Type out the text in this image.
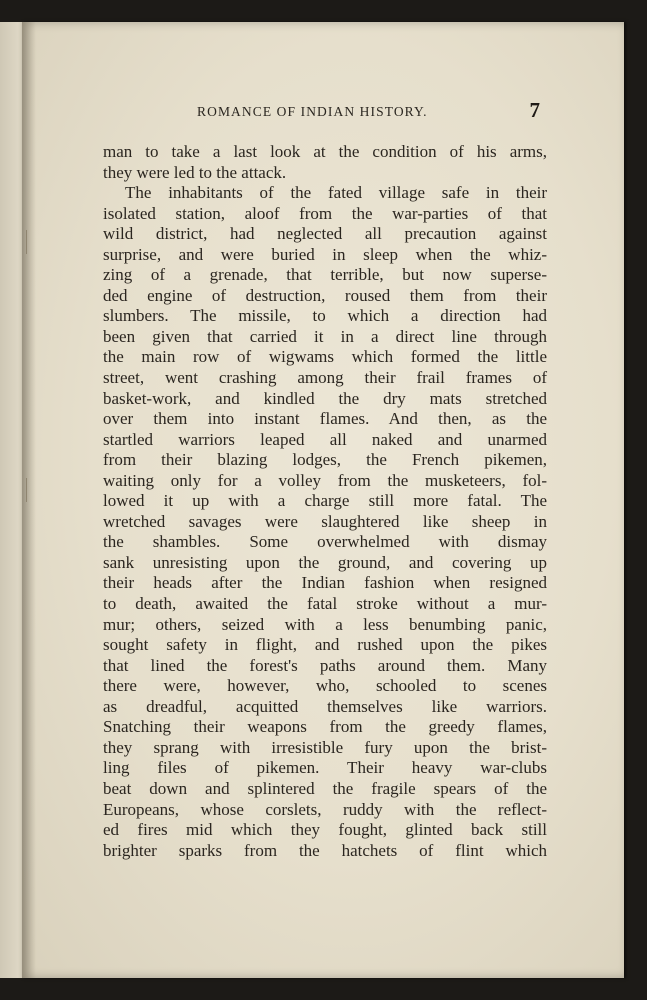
ROMANCE OF INDIAN HISTORY.	7
man to take a last look at the condition of his arms,
they were led to the attack.
The inhabitants of the fated village safe in their
isolated station, aloof from the war-parties of that
wild district, had neglected all precaution against
surprise, and were buried in sleep when the whiz-
zing of a grenade, that terrible, but now superse-
ded engine of destruction, roused them from their
slumbers. The missile, to which a direction had
been given that carried it in a direct line through
the main row of wigwams which formed the little
street, went crashing among their frail frames of
basket-work, and kindled the dry mats stretched
over them into instant flames. And then, as the
startled warriors leaped all naked and unarmed
from their blazing lodges, the French pikemen,
waiting only for a volley from the musketeers, fol-
lowed it up with a charge still more fatal. The
wretched savages were slaughtered like sheep in
the shambles. Some overwhelmed with dismay
sank unresisting upon the ground, and covering up
their heads after the Indian fashion when resigned
to death, awaited the fatal stroke without a mur-
mur; others, seized with a less benumbing panic,
sought safety in flight, and rushed upon the pikes
that lined the forest's paths around them. Many
there were, however, who, schooled to scenes
as dreadful, acquitted themselves like warriors.
Snatching their weapons from the greedy flames,
they sprang with irresistible fury upon the brist-
ling files of pikemen. Their heavy war-clubs
beat down and splintered the fragile spears of the
Europeans, whose corslets, ruddy with the reflect-
ed fires mid which they fought, glinted back still
brighter sparks from the hatchets of flint which
